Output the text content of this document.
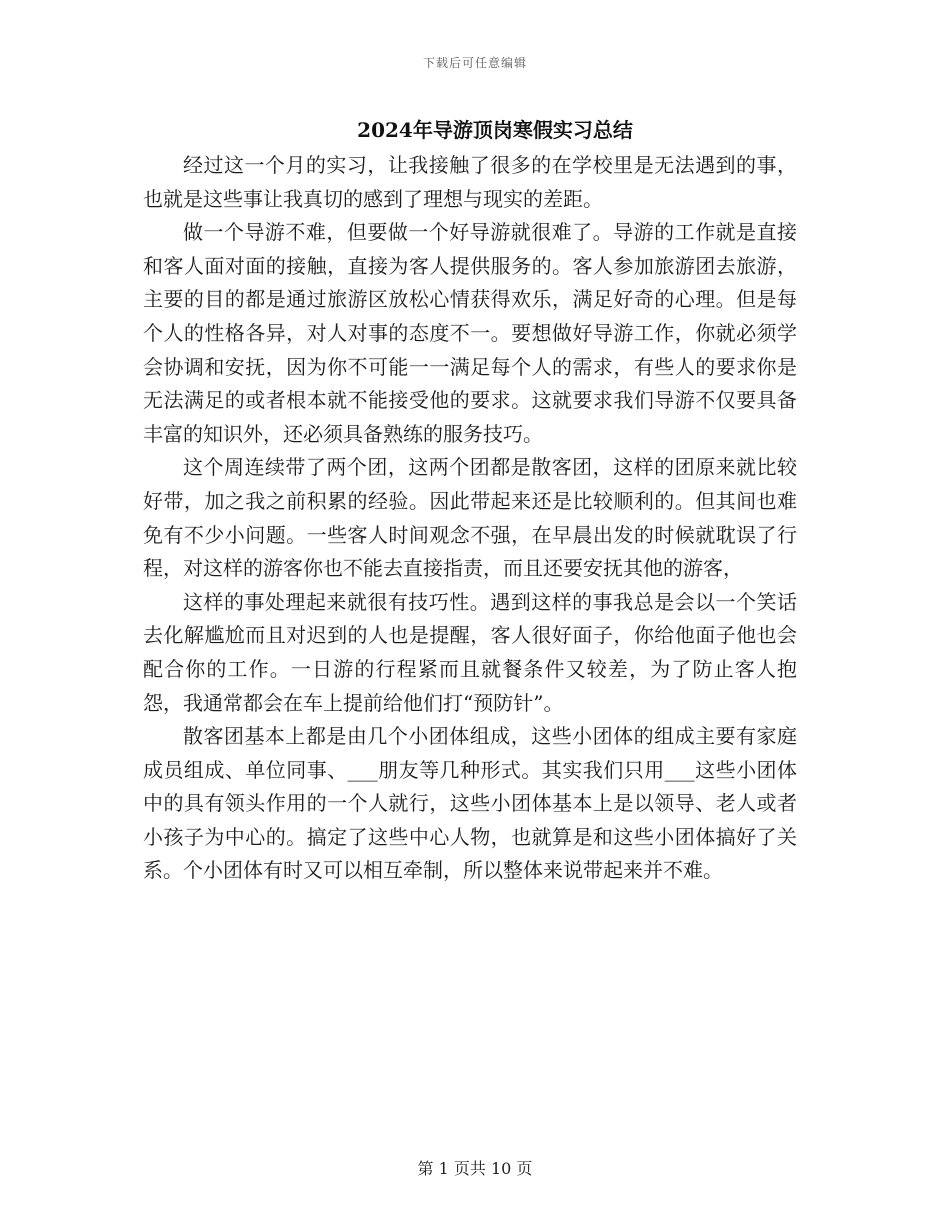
下载后可任意编辑
2024年导游顶岗寒假实习总结

经过这一个月的实习，让我接触了很多的在学校里是无法遇到的事，也就是这些事让我真切的感到了理想与现实的差距。

做一个导游不难，但要做一个好导游就很难了。导游的工作就是直接和客人面对面的接触，直接为客人提供服务的。客人参加旅游团去旅游，主要的目的都是通过旅游区放松心情获得欢乐，满足好奇的心理。但是每个人的性格各异，对人对事的态度不一。要想做好导游工作，你就必须学会协调和安抚，因为你不可能一一满足每个人的需求，有些人的要求你是无法满足的或者根本就不能接受他的要求。这就要求我们导游不仅要具备丰富的知识外，还必须具备熟练的服务技巧。

这个周连续带了两个团，这两个团都是散客团，这样的团原来就比较好带，加之我之前积累的经验。因此带起来还是比较顺利的。但其间也难免有不少小问题。一些客人时间观念不强，在早晨出发的时候就耽误了行程，对这样的游客你也不能去直接指责，而且还要安抚其他的游客，

这样的事处理起来就很有技巧性。遇到这样的事我总是会以一个笑话去化解尴尬而且对迟到的人也是提醒，客人很好面子，你给他面子他也会配合你的工作。一日游的行程紧而且就餐条件又较差，为了防止客人抱怨，我通常都会在车上提前给他们打“预防针”。

散客团基本上都是由几个小团体组成，这些小团体的组成主要有家庭成员组成、单位同事、___朋友等几种形式。其实我们只用___这些小团体中的具有领头作用的一个人就行，这些小团体基本上是以领导、老人或者小孩子为中心的。搞定了这些中心人物，也就算是和这些小团体搞好了关系。个小团体有时又可以相互牵制，所以整体来说带起来并不难。

第 1 页共 10 页
